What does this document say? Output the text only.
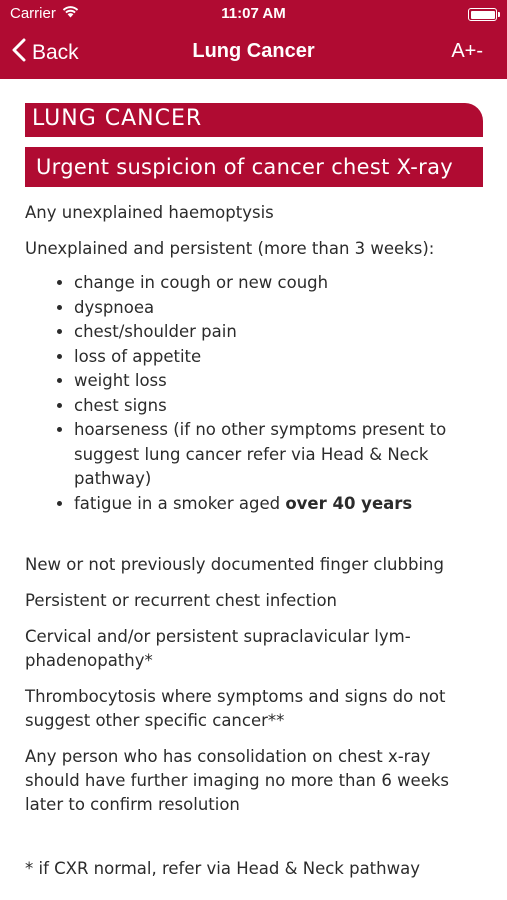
Carrier	11:07 AM
Back	Lung Cancer	A+-
LUNG CANCER
Urgent suspicion of cancer chest X-ray

Any unexplained haemoptysis

Unexplained and persistent (more than 3 weeks):

• change in cough or new cough
• dyspnoea
• chest/shoulder pain
• loss of appetite
• weight loss
• chest signs
• hoarseness (if no other symptoms present to suggest lung cancer refer via Head & Neck pathway)
• fatigue in a smoker aged over 40 years

New or not previously documented finger clubbing

Persistent or recurrent chest infection

Cervical and/or persistent supraclavicular lymphadenopathy*

Thrombocytosis where symptoms and signs do not suggest other specific cancer**

Any person who has consolidation on chest x-ray should have further imaging no more than 6 weeks later to confirm resolution

* if CXR normal, refer via Head & Neck pathway
